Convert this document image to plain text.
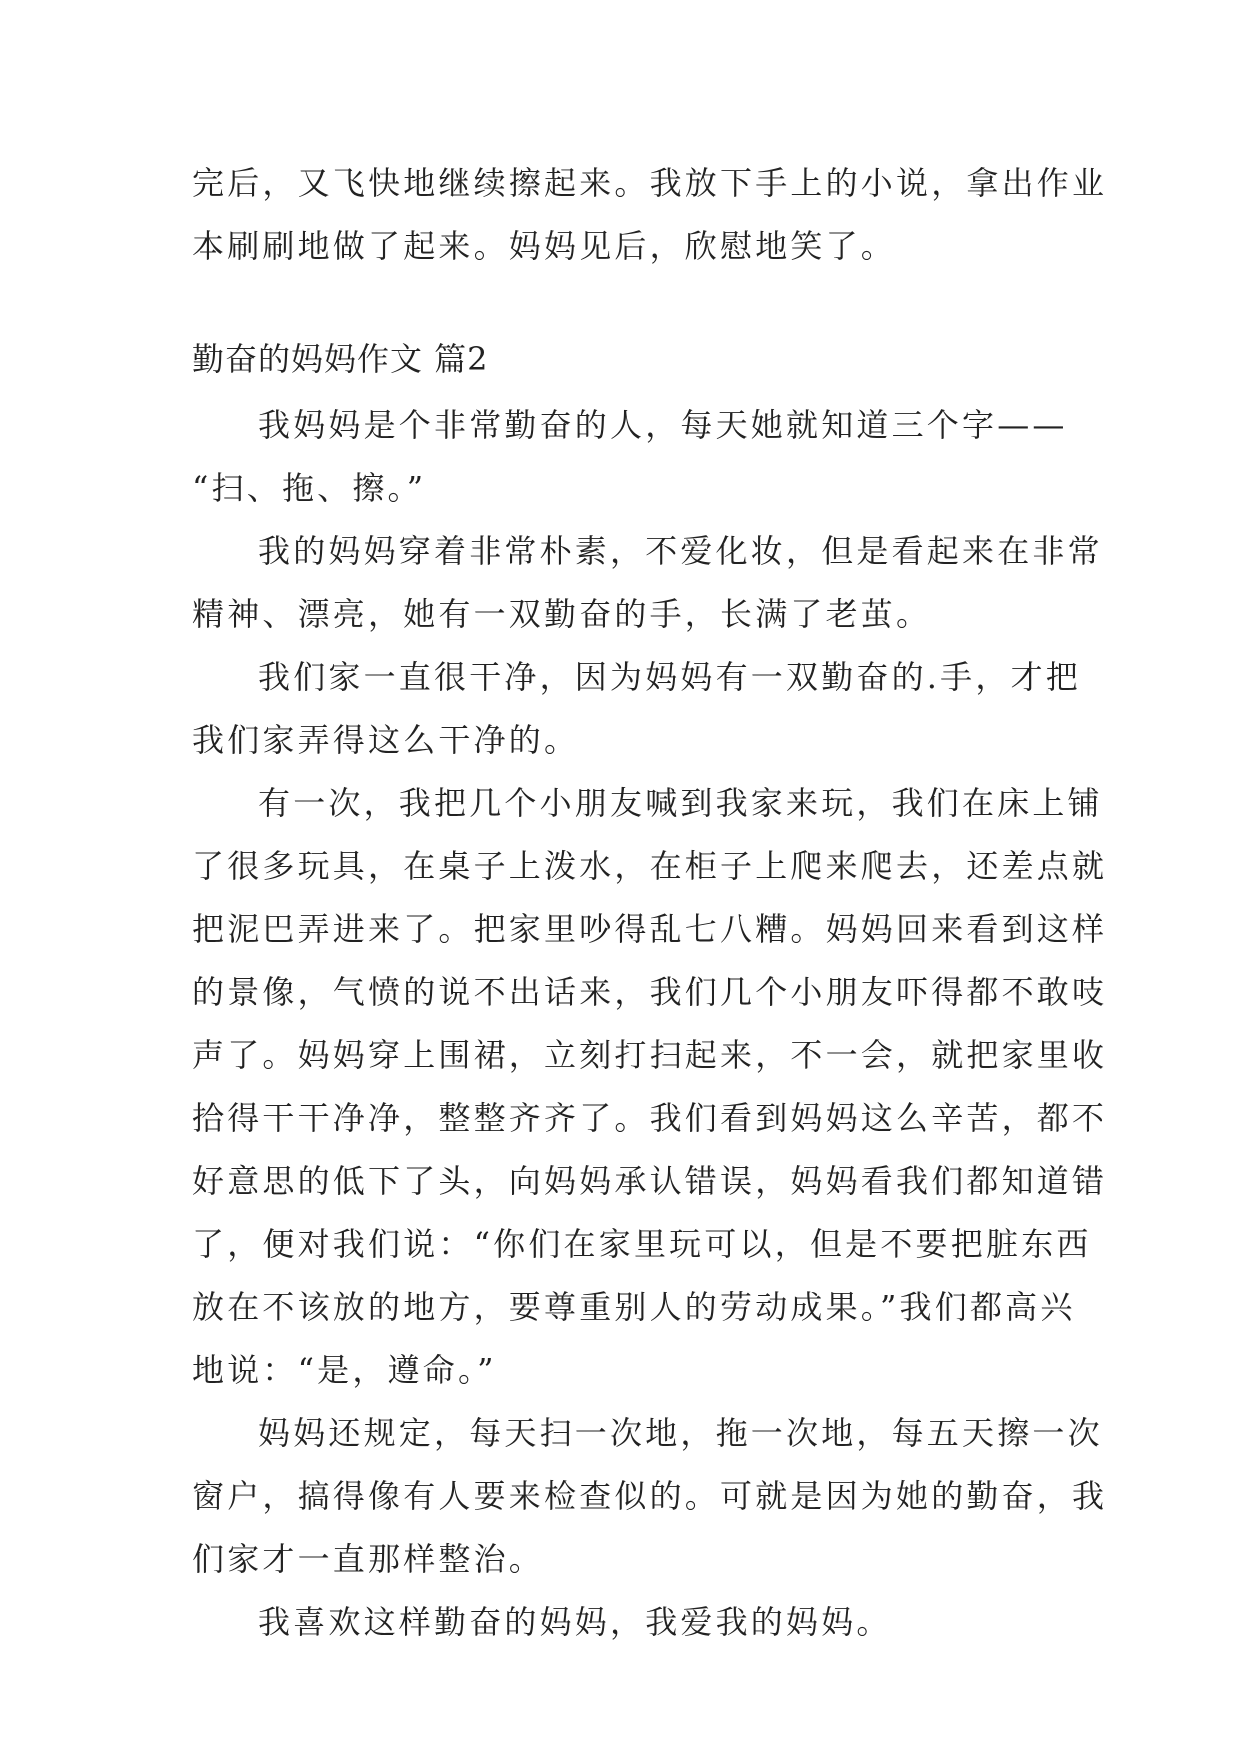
完后，又飞快地继续擦起来。我放下手上的小说，拿出作业
本刷刷地做了起来。妈妈见后，欣慰地笑了。
勤奋的妈妈作文 篇2
我妈妈是个非常勤奋的人，每天她就知道三个字——
“扫、拖、擦。”
我的妈妈穿着非常朴素，不爱化妆，但是看起来在非常
精神、漂亮，她有一双勤奋的手，长满了老茧。
我们家一直很干净，因为妈妈有一双勤奋的.手，才把
我们家弄得这么干净的。
有一次，我把几个小朋友喊到我家来玩，我们在床上铺
了很多玩具，在桌子上泼水，在柜子上爬来爬去，还差点就
把泥巴弄进来了。把家里吵得乱七八糟。妈妈回来看到这样
的景像，气愤的说不出话来，我们几个小朋友吓得都不敢吱
声了。妈妈穿上围裙，立刻打扫起来，不一会，就把家里收
拾得干干净净，整整齐齐了。我们看到妈妈这么辛苦，都不
好意思的低下了头，向妈妈承认错误，妈妈看我们都知道错
了，便对我们说：“你们在家里玩可以，但是不要把脏东西
放在不该放的地方，要尊重别人的劳动成果。”我们都高兴
地说：“是，遵命。”
妈妈还规定，每天扫一次地，拖一次地，每五天擦一次
窗户，搞得像有人要来检查似的。可就是因为她的勤奋，我
们家才一直那样整治。
我喜欢这样勤奋的妈妈，我爱我的妈妈。
